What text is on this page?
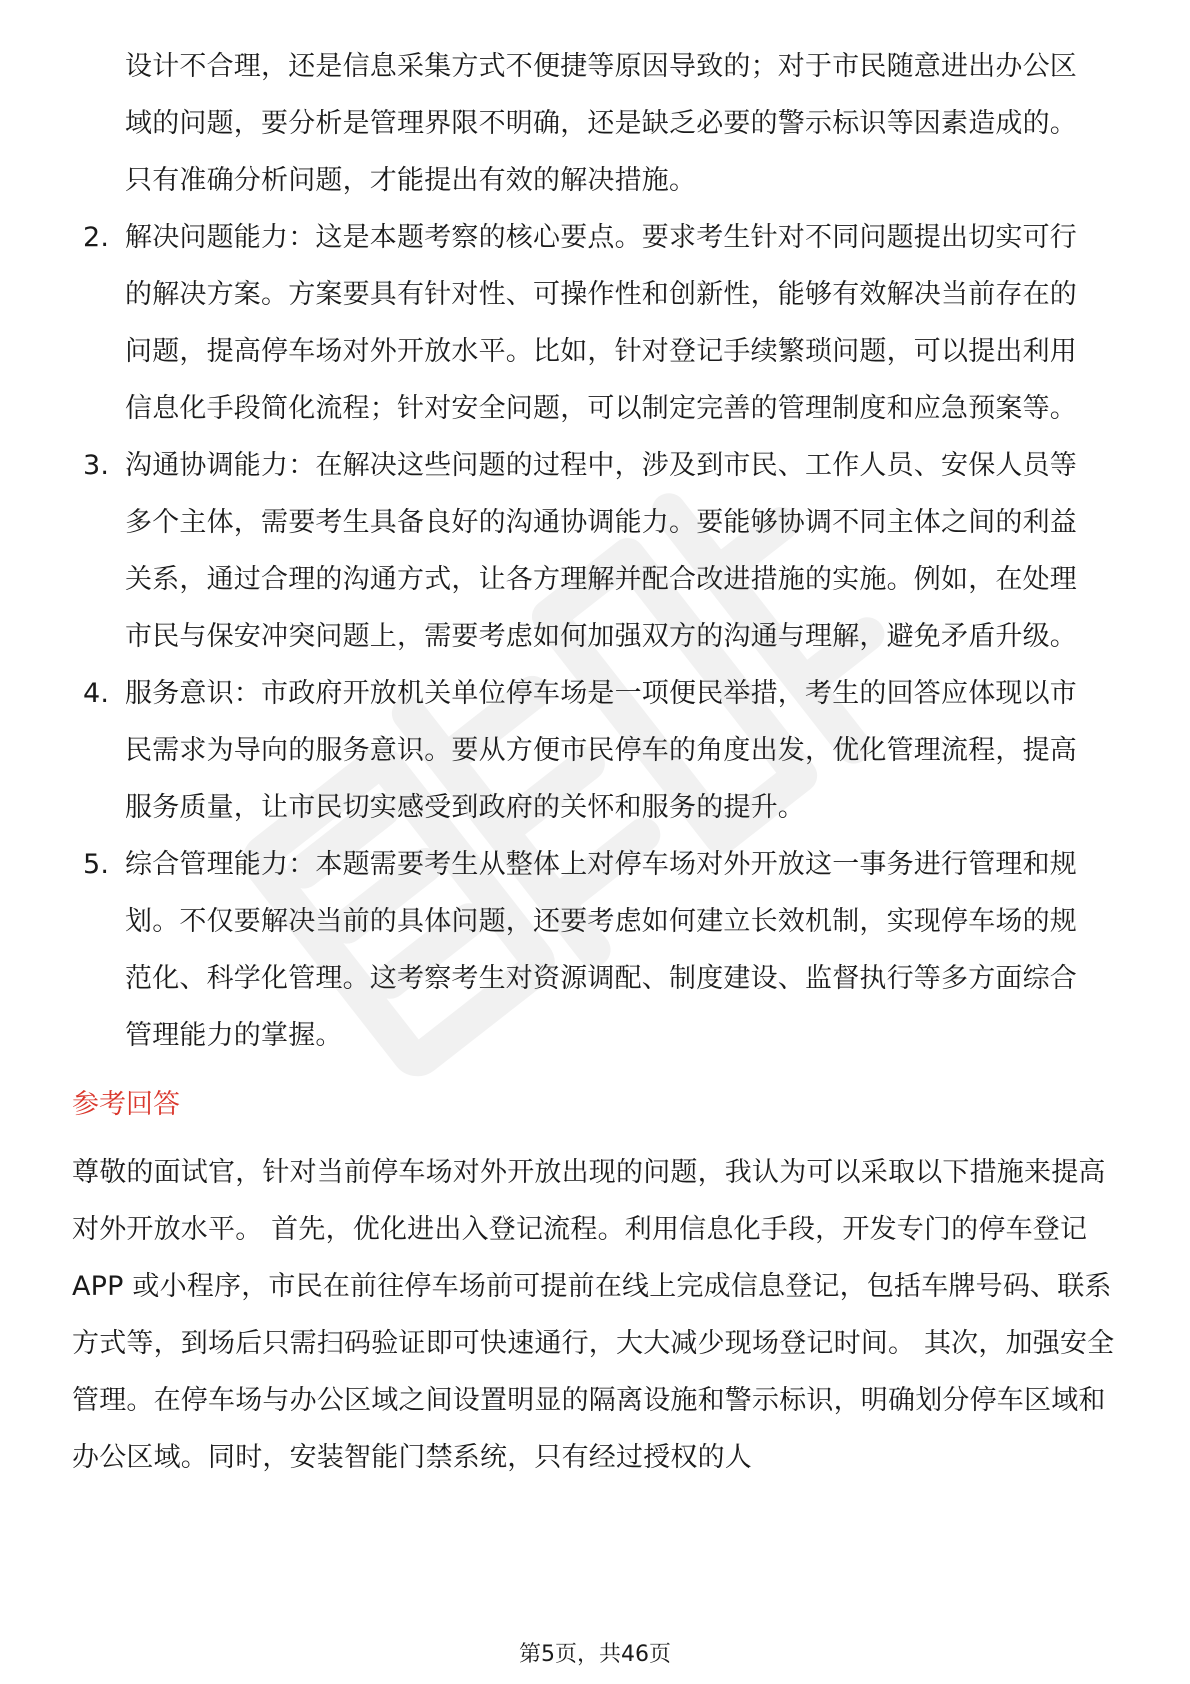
设计不合理，还是信息采集方式不便捷等原因导致的；对于市民随意进出办公区域的问题，要分析是管理界限不明确，还是缺乏必要的警示标识等因素造成的。只有准确分析问题，才能提出有效的解决措施。
2. 解决问题能力：这是本题考察的核心要点。要求考生针对不同问题提出切实可行的解决方案。方案要具有针对性、可操作性和创新性，能够有效解决当前存在的问题，提高停车场对外开放水平。比如，针对登记手续繁琐问题，可以提出利用信息化手段简化流程；针对安全问题，可以制定完善的管理制度和应急预案等。
3. 沟通协调能力：在解决这些问题的过程中，涉及到市民、工作人员、安保人员等多个主体，需要考生具备良好的沟通协调能力。要能够协调不同主体之间的利益关系，通过合理的沟通方式，让各方理解并配合改进措施的实施。例如，在处理市民与保安冲突问题上，需要考虑如何加强双方的沟通与理解，避免矛盾升级。
4. 服务意识：市政府开放机关单位停车场是一项便民举措，考生的回答应体现以市民需求为导向的服务意识。要从方便市民停车的角度出发，优化管理流程，提高服务质量，让市民切实感受到政府的关怀和服务的提升。
5. 综合管理能力：本题需要考生从整体上对停车场对外开放这一事务进行管理和规划。不仅要解决当前的具体问题，还要考虑如何建立长效机制，实现停车场的规范化、科学化管理。这考察考生对资源调配、制度建设、监督执行等多方面综合管理能力的掌握。
参考回答
尊敬的面试官，针对当前停车场对外开放出现的问题，我认为可以采取以下措施来提高对外开放水平。 首先，优化进出入登记流程。利用信息化手段，开发专门的停车登记 APP 或小程序，市民在前往停车场前可提前在线上完成信息登记，包括车牌号码、联系方式等，到场后只需扫码验证即可快速通行，大大减少现场登记时间。 其次，加强安全管理。在停车场与办公区域之间设置明显的隔离设施和警示标识，明确划分停车区域和办公区域。同时，安装智能门禁系统，只有经过授权的人
第5页，共46页
